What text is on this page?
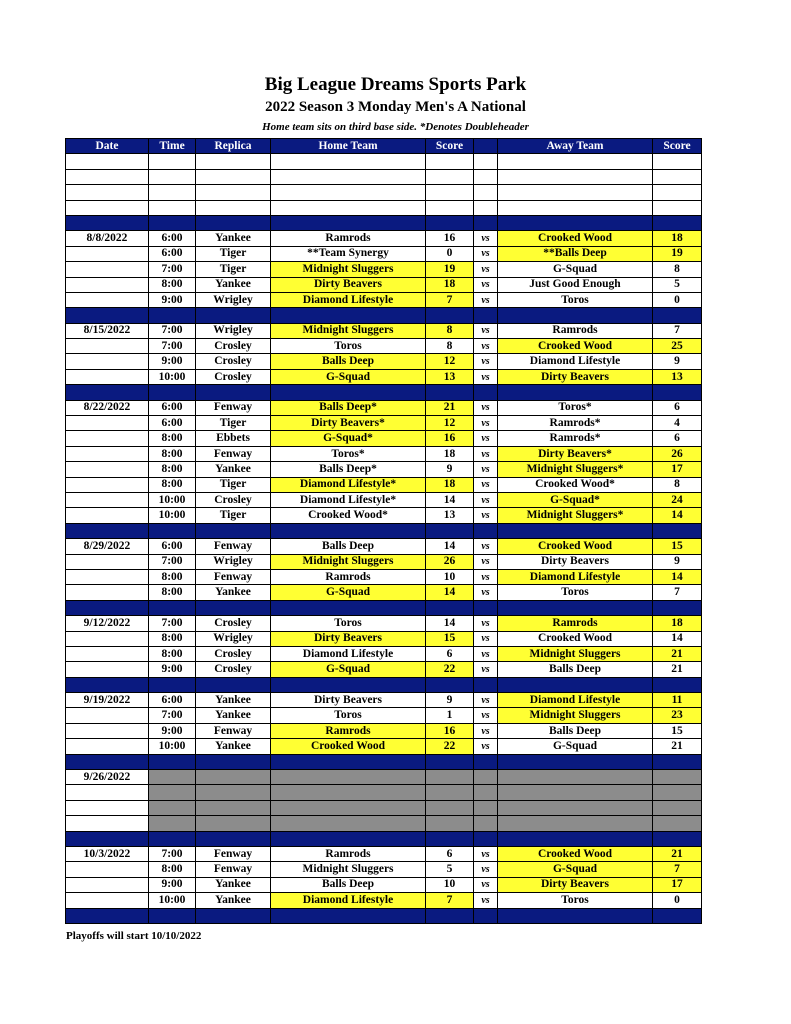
Big League Dreams Sports Park
2022 Season 3 Monday Men's A National
Home team sits on third base side. *Denotes Doubleheader
Date	Time	Replica	Home Team	Score		Away Team	Score

8/8/2022	6:00	Yankee	Ramrods	16	vs	Crooked Wood	18
	6:00	Tiger	**Team Synergy	0	vs	**Balls Deep	19
	7:00	Tiger	Midnight Sluggers	19	vs	G-Squad	8
	8:00	Yankee	Dirty Beavers	18	vs	Just Good Enough	5
	9:00	Wrigley	Diamond Lifestyle	7	vs	Toros	0

8/15/2022	7:00	Wrigley	Midnight Sluggers	8	vs	Ramrods	7
	7:00	Crosley	Toros	8	vs	Crooked Wood	25
	9:00	Crosley	Balls Deep	12	vs	Diamond Lifestyle	9
	10:00	Crosley	G-Squad	13	vs	Dirty Beavers	13

8/22/2022	6:00	Fenway	Balls Deep*	21	vs	Toros*	6
	6:00	Tiger	Dirty Beavers*	12	vs	Ramrods*	4
	8:00	Ebbets	G-Squad*	16	vs	Ramrods*	6
	8:00	Fenway	Toros*	18	vs	Dirty Beavers*	26
	8:00	Yankee	Balls Deep*	9	vs	Midnight Sluggers*	17
	8:00	Tiger	Diamond Lifestyle*	18	vs	Crooked Wood*	8
	10:00	Crosley	Diamond Lifestyle*	14	vs	G-Squad*	24
	10:00	Tiger	Crooked Wood*	13	vs	Midnight Sluggers*	14

8/29/2022	6:00	Fenway	Balls Deep	14	vs	Crooked Wood	15
	7:00	Wrigley	Midnight Sluggers	26	vs	Dirty Beavers	9
	8:00	Fenway	Ramrods	10	vs	Diamond Lifestyle	14
	8:00	Yankee	G-Squad	14	vs	Toros	7

9/12/2022	7:00	Crosley	Toros	14	vs	Ramrods	18
	8:00	Wrigley	Dirty Beavers	15	vs	Crooked Wood	14
	8:00	Crosley	Diamond Lifestyle	6	vs	Midnight Sluggers	21
	9:00	Crosley	G-Squad	22	vs	Balls Deep	21

9/19/2022	6:00	Yankee	Dirty Beavers	9	vs	Diamond Lifestyle	11
	7:00	Yankee	Toros	1	vs	Midnight Sluggers	23
	9:00	Fenway	Ramrods	16	vs	Balls Deep	15
	10:00	Yankee	Crooked Wood	22	vs	G-Squad	21

9/26/2022							

10/3/2022	7:00	Fenway	Ramrods	6	vs	Crooked Wood	21
	8:00	Fenway	Midnight Sluggers	5	vs	G-Squad	7
	9:00	Yankee	Balls Deep	10	vs	Dirty Beavers	17
	10:00	Yankee	Diamond Lifestyle	7	vs	Toros	0

Playoffs will start 10/10/2022
